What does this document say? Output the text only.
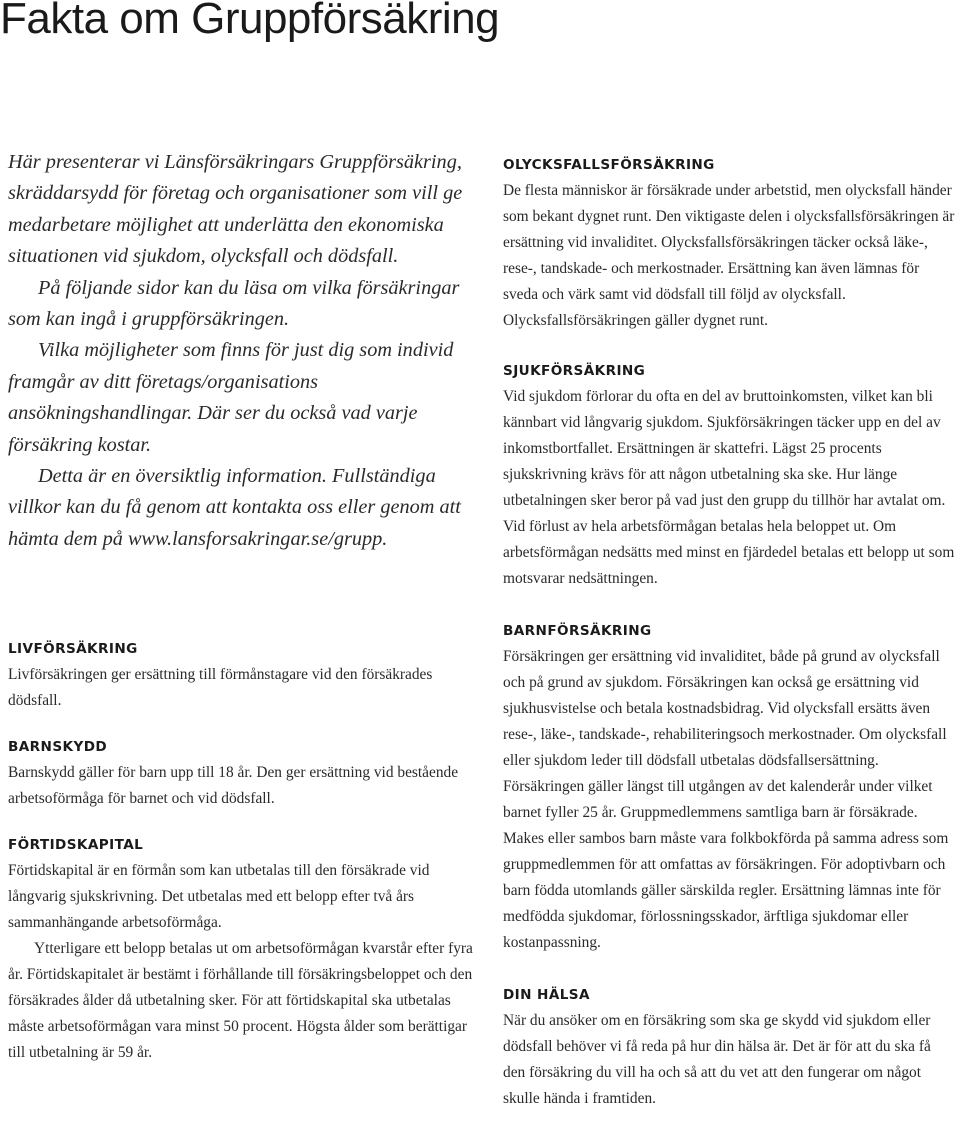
Fakta om Gruppförsäkring

Här presenterar vi Länsförsäkringars Gruppförsäkring, skräddarsydd för företag och organisationer som vill ge medarbetare möjlighet att underlätta den ekonomiska situationen vid sjukdom, olycksfall och dödsfall.

På följande sidor kan du läsa om vilka försäkringar som kan ingå i gruppförsäkringen.

Vilka möjligheter som finns för just dig som individ framgår av ditt företags/organisations ansökningshandlingar. Där ser du också vad varje försäkring kostar.

Detta är en översiktlig information. Fullständiga villkor kan du få genom att kontakta oss eller genom att hämta dem på www.lansforsakringar.se/grupp.

LIVFÖRSÄKRING

Livförsäkringen ger ersättning till förmånstagare vid den försäkrades dödsfall.

BARNSKYDD

Barnskydd gäller för barn upp till 18 år. Den ger ersättning vid bestående arbetsoförmåga för barnet och vid dödsfall.

FÖRTIDSKAPITAL

Förtidskapital är en förmån som kan utbetalas till den försäkrade vid långvarig sjukskrivning. Det utbetalas med ett belopp efter två års sammanhängande arbetsoförmåga.

Ytterligare ett belopp betalas ut om arbetsoförmågan kvarstår efter fyra år. Förtidskapitalet är bestämt i förhållande till försäkringsbeloppet och den försäkrades ålder då utbetalning sker. För att förtidskapital ska utbetalas måste arbetsoförmågan vara minst 50 procent. Högsta ålder som berättigar till utbetalning är 59 år.

OLYCKSFALLSFÖRSÄKRING

De flesta människor är försäkrade under arbetstid, men olycksfall händer som bekant dygnet runt. Den viktigaste delen i olycksfallsförsäkringen är ersättning vid invaliditet. Olycksfallsförsäkringen täcker också läke-, rese-, tandskade- och merkostnader. Ersättning kan även lämnas för sveda och värk samt vid dödsfall till följd av olycksfall. Olycksfallsförsäkringen gäller dygnet runt.

SJUKFÖRSÄKRING

Vid sjukdom förlorar du ofta en del av bruttoinkomsten, vilket kan bli kännbart vid långvarig sjukdom. Sjukförsäkringen täcker upp en del av inkomstbortfallet. Ersättningen är skattefri. Lägst 25 procents sjukskrivning krävs för att någon utbetalning ska ske. Hur länge utbetalningen sker beror på vad just den grupp du tillhör har avtalat om. Vid förlust av hela arbetsförmågan betalas hela beloppet ut. Om arbetsförmågan nedsätts med minst en fjärdedel betalas ett belopp ut som motsvarar nedsättningen.

BARNFÖRSÄKRING

Försäkringen ger ersättning vid invaliditet, både på grund av olycksfall och på grund av sjukdom. Försäkringen kan också ge ersättning vid sjukhusvistelse och betala kostnadsbidrag. Vid olycksfall ersätts även rese-, läke-, tandskade-, rehabiliteringsoch merkostnader. Om olycksfall eller sjukdom leder till dödsfall utbetalas dödsfallsersättning. Försäkringen gäller längst till utgången av det kalenderår under vilket barnet fyller 25 år. Gruppmedlemmens samtliga barn är försäkrade. Makes eller sambos barn måste vara folkbokförda på samma adress som gruppmedlemmen för att omfattas av försäkringen. För adoptivbarn och barn födda utomlands gäller särskilda regler. Ersättning lämnas inte för medfödda sjukdomar, förlossningsskador, ärftliga sjukdomar eller kostanpassning.

DIN HÄLSA

När du ansöker om en försäkring som ska ge skydd vid sjukdom eller dödsfall behöver vi få reda på hur din hälsa är. Det är för att du ska få den försäkring du vill ha och så att du vet att den fungerar om något skulle hända i framtiden.
